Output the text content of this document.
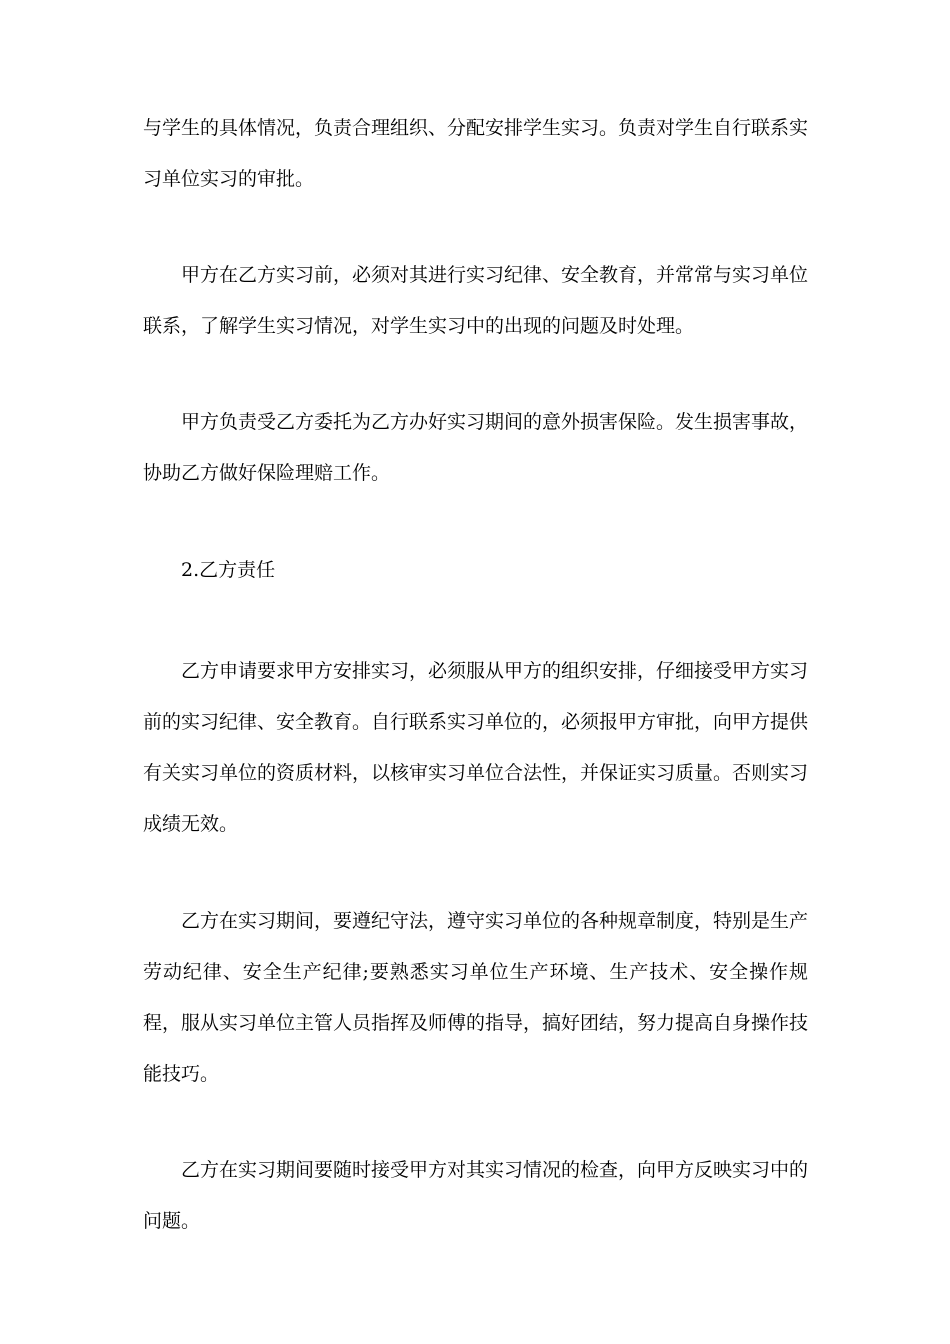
与学生的具体情况，负责合理组织、分配安排学生实习。负责对学生自行联系实习单位实习的审批。

甲方在乙方实习前，必须对其进行实习纪律、安全教育，并常常与实习单位联系，了解学生实习情况，对学生实习中的出现的问题及时处理。

甲方负责受乙方委托为乙方办好实习期间的意外损害保险。发生损害事故，协助乙方做好保险理赔工作。

2.乙方责任

乙方申请要求甲方安排实习，必须服从甲方的组织安排，仔细接受甲方实习前的实习纪律、安全教育。自行联系实习单位的，必须报甲方审批，向甲方提供有关实习单位的资质材料，以核审实习单位合法性，并保证实习质量。否则实习成绩无效。

乙方在实习期间，要遵纪守法，遵守实习单位的各种规章制度，特别是生产劳动纪律、安全生产纪律;要熟悉实习单位生产环境、生产技术、安全操作规程，服从实习单位主管人员指挥及师傅的指导，搞好团结，努力提高自身操作技能技巧。

乙方在实习期间要随时接受甲方对其实习情况的检查，向甲方反映实习中的问题。
